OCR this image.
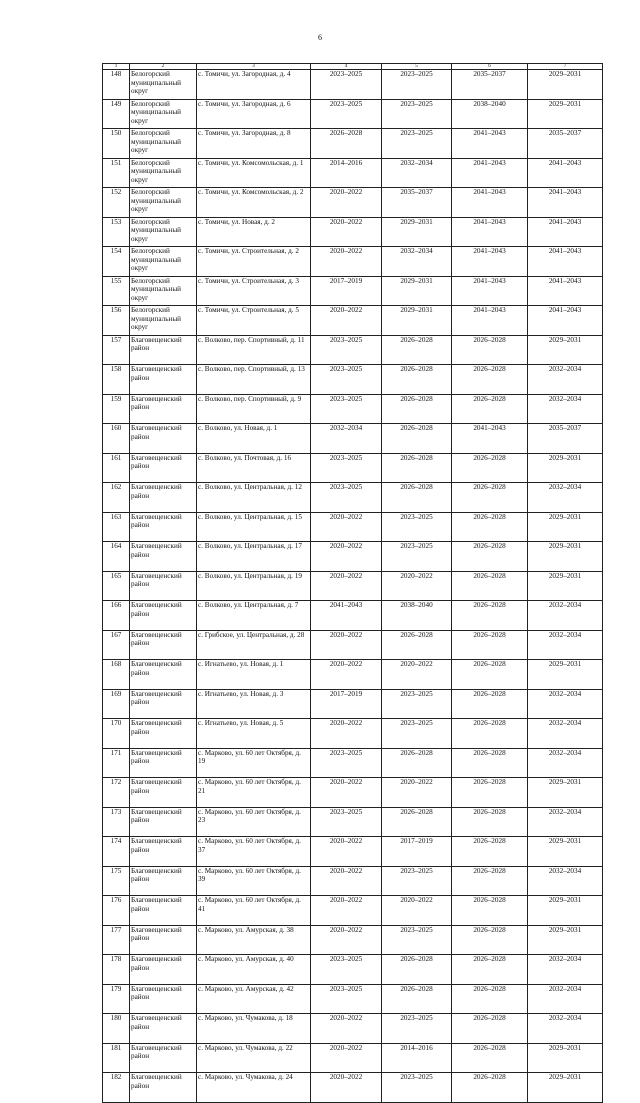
6
1	2	3	4	5	6	7
148	Белогорский муниципальный округ	с. Томичи, ул. Загородная, д. 4	2023–2025	2023–2025	2035–2037	2029–2031
149	Белогорский муниципальный округ	с. Томичи, ул. Загородная, д. 6	2023–2025	2023–2025	2038–2040	2029–2031
150	Белогорский муниципальный округ	с. Томичи, ул. Загородная, д. 8	2026–2028	2023–2025	2041–2043	2035–2037
151	Белогорский муниципальный округ	с. Томичи, ул. Комсомольская, д. 1	2014–2016	2032–2034	2041–2043	2041–2043
152	Белогорский муниципальный округ	с. Томичи, ул. Комсомольская, д. 2	2020–2022	2035–2037	2041–2043	2041–2043
153	Белогорский муниципальный округ	с. Томичи, ул. Новая, д. 2	2020–2022	2029–2031	2041–2043	2041–2043
154	Белогорский муниципальный округ	с. Томичи, ул. Строительная, д. 2	2020–2022	2032–2034	2041–2043	2041–2043
155	Белогорский муниципальный округ	с. Томичи, ул. Строительная, д. 3	2017–2019	2029–2031	2041–2043	2041–2043
156	Белогорский муниципальный округ	с. Томичи, ул. Строительная, д. 5	2020–2022	2029–2031	2041–2043	2041–2043
157	Благовещенский район	с. Волково, пер. Спортивный, д. 11	2023–2025	2026–2028	2026–2028	2029–2031
158	Благовещенский район	с. Волково, пер. Спортивный, д. 13	2023–2025	2026–2028	2026–2028	2032–2034
159	Благовещенский район	с. Волково, пер. Спортивный, д. 9	2023–2025	2026–2028	2026–2028	2032–2034
160	Благовещенский район	с. Волково, ул. Новая, д. 1	2032–2034	2026–2028	2041–2043	2035–2037
161	Благовещенский район	с. Волково, ул. Почтовая, д. 16	2023–2025	2026–2028	2026–2028	2029–2031
162	Благовещенский район	с. Волково, ул. Центральная, д. 12	2023–2025	2026–2028	2026–2028	2032–2034
163	Благовещенский район	с. Волково, ул. Центральная, д. 15	2020–2022	2023–2025	2026–2028	2029–2031
164	Благовещенский район	с. Волково, ул. Центральная, д. 17	2020–2022	2023–2025	2026–2028	2029–2031
165	Благовещенский район	с. Волково, ул. Центральная, д. 19	2020–2022	2020–2022	2026–2028	2029–2031
166	Благовещенский район	с. Волково, ул. Центральная, д. 7	2041–2043	2038–2040	2026–2028	2032–2034
167	Благовещенский район	с. Грибское, ул. Центральная, д. 28	2020–2022	2026–2028	2026–2028	2032–2034
168	Благовещенский район	с. Игнатьево, ул. Новая, д. 1	2020–2022	2020–2022	2026–2028	2029–2031
169	Благовещенский район	с. Игнатьево, ул. Новая, д. 3	2017–2019	2023–2025	2026–2028	2032–2034
170	Благовещенский район	с. Игнатьево, ул. Новая, д. 5	2020–2022	2023–2025	2026–2028	2032–2034
171	Благовещенский район	с. Марково, ул. 60 лет Октября, д. 19	2023–2025	2026–2028	2026–2028	2032–2034
172	Благовещенский район	с. Марково, ул. 60 лет Октября, д. 21	2020–2022	2020–2022	2026–2028	2029–2031
173	Благовещенский район	с. Марково, ул. 60 лет Октября, д. 23	2023–2025	2026–2028	2026–2028	2032–2034
174	Благовещенский район	с. Марково, ул. 60 лет Октября, д. 37	2020–2022	2017–2019	2026–2028	2029–2031
175	Благовещенский район	с. Марково, ул. 60 лет Октября, д. 39	2020–2022	2023–2025	2026–2028	2032–2034
176	Благовещенский район	с. Марково, ул. 60 лет Октября, д. 41	2020–2022	2020–2022	2026–2028	2029–2031
177	Благовещенский район	с. Марково, ул. Амурская, д. 38	2020–2022	2023–2025	2026–2028	2029–2031
178	Благовещенский район	с. Марково, ул. Амурская, д. 40	2023–2025	2026–2028	2026–2028	2032–2034
179	Благовещенский район	с. Марково, ул. Амурская, д. 42	2023–2025	2026–2028	2026–2028	2032–2034
180	Благовещенский район	с. Марково, ул. Чумакова, д. 18	2020–2022	2023–2025	2026–2028	2032–2034
181	Благовещенский район	с. Марково, ул. Чумакова, д. 22	2020–2022	2014–2016	2026–2028	2029–2031
182	Благовещенский район	с. Марково, ул. Чумакова, д. 24	2020–2022	2023–2025	2026–2028	2029–2031
